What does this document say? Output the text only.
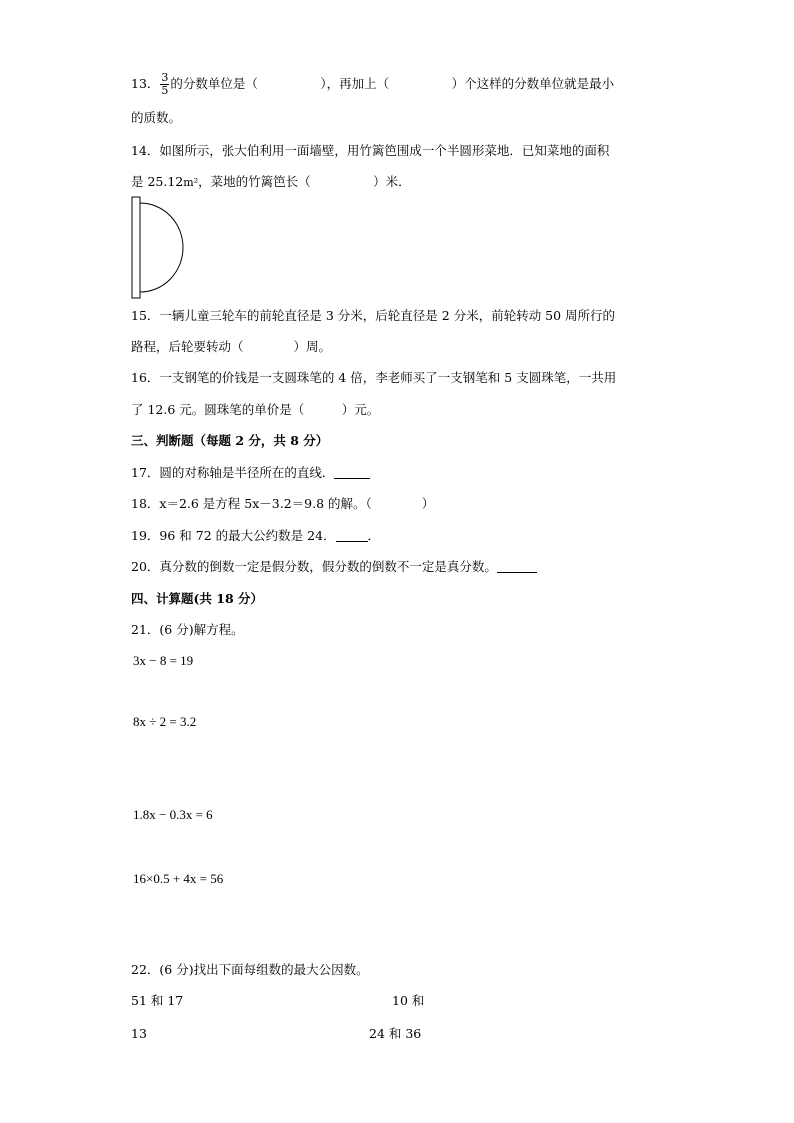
13． $\frac{3}{5}$ 的分数单位是（　　　　　），再加上（　　　　　）个这样的分数单位就是最小
的质数。
14．如图所示，张大伯利用一面墙壁，用竹篱笆围成一个半圆形菜地．已知菜地的面积
是 25.12m²，菜地的竹篱笆长（　　　　　）米．
15．一辆儿童三轮车的前轮直径是 3 分米，后轮直径是 2 分米，前轮转动 50 周所行的
路程，后轮要转动（　　　　）周。
16．一支钢笔的价钱是一支圆珠笔的 4 倍，李老师买了一支钢笔和 5 支圆珠笔，一共用
了 12.6 元。圆珠笔的单价是（　　　）元。
三、判断题（每题 2 分，共 8 分）
17．圆的对称轴是半径所在的直线．
18．x＝2.6 是方程 5x－3.2＝9.8 的解。（　　　　）
19．96 和 72 的最大公约数是 24．	．
20．真分数的倒数一定是假分数，假分数的倒数不一定是真分数。
四、计算题(共 18 分）
21．(6 分)解方程。
3x − 8 = 19
8x ÷ 2 = 3.2
1.8x − 0.3x = 6
16×0.5 + 4x = 56
22．(6 分)找出下面每组数的最大公因数。
51 和 17	10 和
13	24 和 36
